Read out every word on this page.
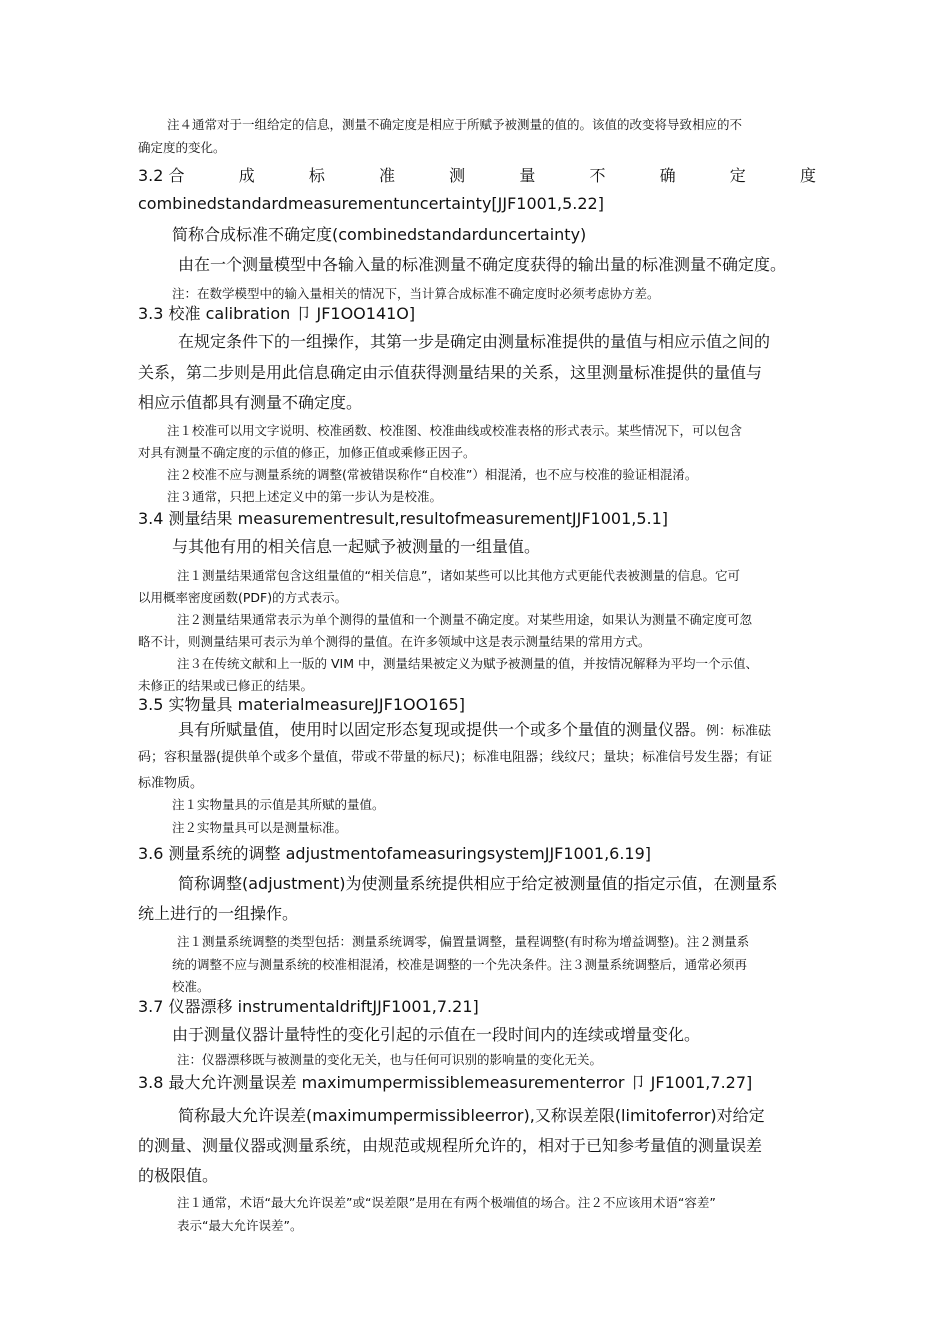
注４通常对于一组给定的信息，测量不确定度是相应于所赋予被测量的值的。该值的改变将导致相应的不

确定度的变化。

3.2 合	成	标	准	测	量	不	确	定	度

combinedstandardmeasurementuncertainty[JJF1001,5.22]

简称合成标准不确定度(combinedstandarduncertainty)

由在一个测量模型中各输入量的标准测量不确定度获得的输出量的标准测量不确定度。

注：在数学模型中的输入量相关的情况下，当计算合成标准不确定度时必须考虑协方差。

3.3 校准 calibration 卩 JF1OO141O]

在规定条件下的一组操作，其第一步是确定由测量标准提供的量值与相应示值之间的

关系，第二步则是用此信息确定由示值获得测量结果的关系，这里测量标准提供的量值与

相应示值都具有测量不确定度。

注１校准可以用文字说明、校准函数、校准图、校准曲线或校准表格的形式表示。某些情况下，可以包含

对具有测量不确定度的示值的修正，加修正值或乘修正因子。

注２校准不应与测量系统的调整(常被错误称作“自校准”）相混淆，也不应与校准的验证相混淆。

注３通常，只把上述定义中的第一步认为是校准。

3.4 测量结果 measurementresult,resultofmeasurementJJF1001,5.1]

与其他有用的相关信息一起赋予被测量的一组量值。

注１测量结果通常包含这组量值的“相关信息”，诸如某些可以比其他方式更能代表被测量的信息。它可

以用概率密度函数(PDF)的方式表示。

注２测量结果通常表示为单个测得的量值和一个测量不确定度。对某些用途，如果认为测量不确定度可忽

略不计，则测量结果可表示为单个测得的量值。在许多领域中这是表示测量结果的常用方式。

注３在传统文献和上一版的 VIM 中，测量结果被定义为赋予被测量的值，并按情况解释为平均一个示值、

未修正的结果或已修正的结果。

3.5 实物量具 materialmeasureJJF1OO165]

具有所赋量值，使用时以固定形态复现或提供一个或多个量值的测量仪器。例：标准砝

码；容积量器(提供单个或多个量值，带或不带量的标尺)；标准电阻器；线纹尺；量块；标准信号发生器；有证

标准物质。

注１实物量具的示值是其所赋的量值。

注２实物量具可以是测量标准。

3.6 测量系统的调整 adjustmentofameasuringsystemJJF1001,6.19]

简称调整(adjustment)为使测量系统提供相应于给定被测量值的指定示值，在测量系

统上进行的一组操作。

注１测量系统调整的类型包括：测量系统调零，偏置量调整，量程调整(有时称为增益调整)。注２测量系

统的调整不应与测量系统的校准相混淆，校准是调整的一个先决条件。注３测量系统调整后，通常必须再

校准。

3.7 仪器漂移 instrumentaldriftJJF1001,7.21]

由于测量仪器计量特性的变化引起的示值在一段时间内的连续或增量变化。

注：仪器漂移既与被测量的变化无关，也与任何可识别的影响量的变化无关。

3.8 最大允许测量误差 maximumpermissiblemeasurementerror 卩 JF1001,7.27]

简称最大允许误差(maximumpermissibleerror),又称误差限(limitoferror)对给定

的测量、测量仪器或测量系统，由规范或规程所允许的，相对于已知参考量值的测量误差

的极限值。

注１通常，术语“最大允许误差”或“误差限”是用在有两个极端值的场合。注２不应该用术语“容差”

表示“最大允许误差”。
